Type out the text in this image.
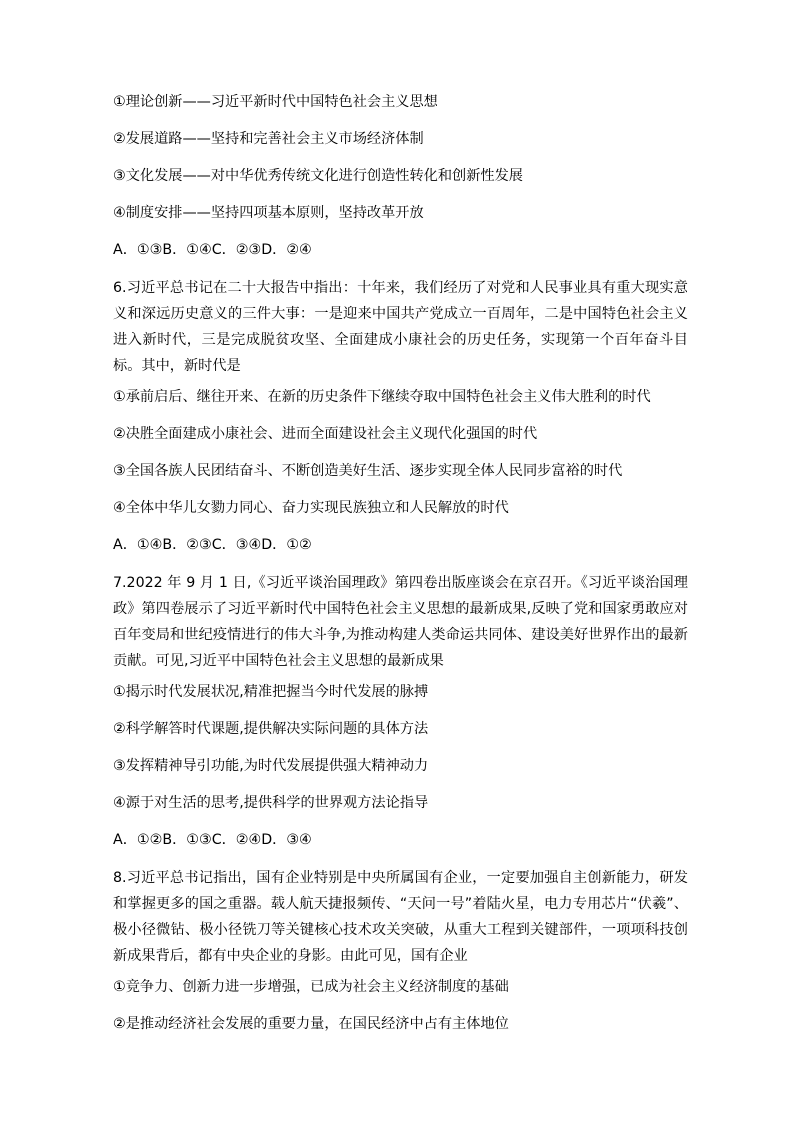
①理论创新——习近平新时代中国特色社会主义思想

②发展道路——坚持和完善社会主义市场经济体制

③文化发展——对中华优秀传统文化进行创造性转化和创新性发展

④制度安排——坚持四项基本原则，坚持改革开放

A．①③B．①④C．②③D．②④

6.习近平总书记在二十大报告中指出：十年来，我们经历了对党和人民事业具有重大现实意义和深远历史意义的三件大事：一是迎来中国共产党成立一百周年，二是中国特色社会主义进入新时代，三是完成脱贫攻坚、全面建成小康社会的历史任务，实现第一个百年奋斗目标。其中，新时代是

①承前启后、继往开来、在新的历史条件下继续夺取中国特色社会主义伟大胜利的时代

②决胜全面建成小康社会、进而全面建设社会主义现代化强国的时代

③全国各族人民团结奋斗、不断创造美好生活、逐步实现全体人民同步富裕的时代

④全体中华儿女勠力同心、奋力实现民族独立和人民解放的时代

A．①④B．②③C．③④D．①②

7.2022 年 9 月 1 日,《习近平谈治国理政》第四卷出版座谈会在京召开。《习近平谈治国理政》第四卷展示了习近平新时代中国特色社会主义思想的最新成果,反映了党和国家勇敢应对百年变局和世纪疫情进行的伟大斗争,为推动构建人类命运共同体、建设美好世界作出的最新贡献。可见,习近平中国特色社会主义思想的最新成果

①揭示时代发展状况,精准把握当今时代发展的脉搏

②科学解答时代课题,提供解决实际问题的具体方法

③发挥精神导引功能,为时代发展提供强大精神动力

④源于对生活的思考,提供科学的世界观方法论指导

A．①②B．①③C．②④D．③④

8.习近平总书记指出，国有企业特别是中央所属国有企业，一定要加强自主创新能力，研发和掌握更多的国之重器。载人航天捷报频传、“天问一号”着陆火星，电力专用芯片“伏羲”、极小径微钻、极小径铣刀等关键核心技术攻关突破，从重大工程到关键部件，一项项科技创新成果背后，都有中央企业的身影。由此可见，国有企业

①竞争力、创新力进一步增强，已成为社会主义经济制度的基础

②是推动经济社会发展的重要力量，在国民经济中占有主体地位
